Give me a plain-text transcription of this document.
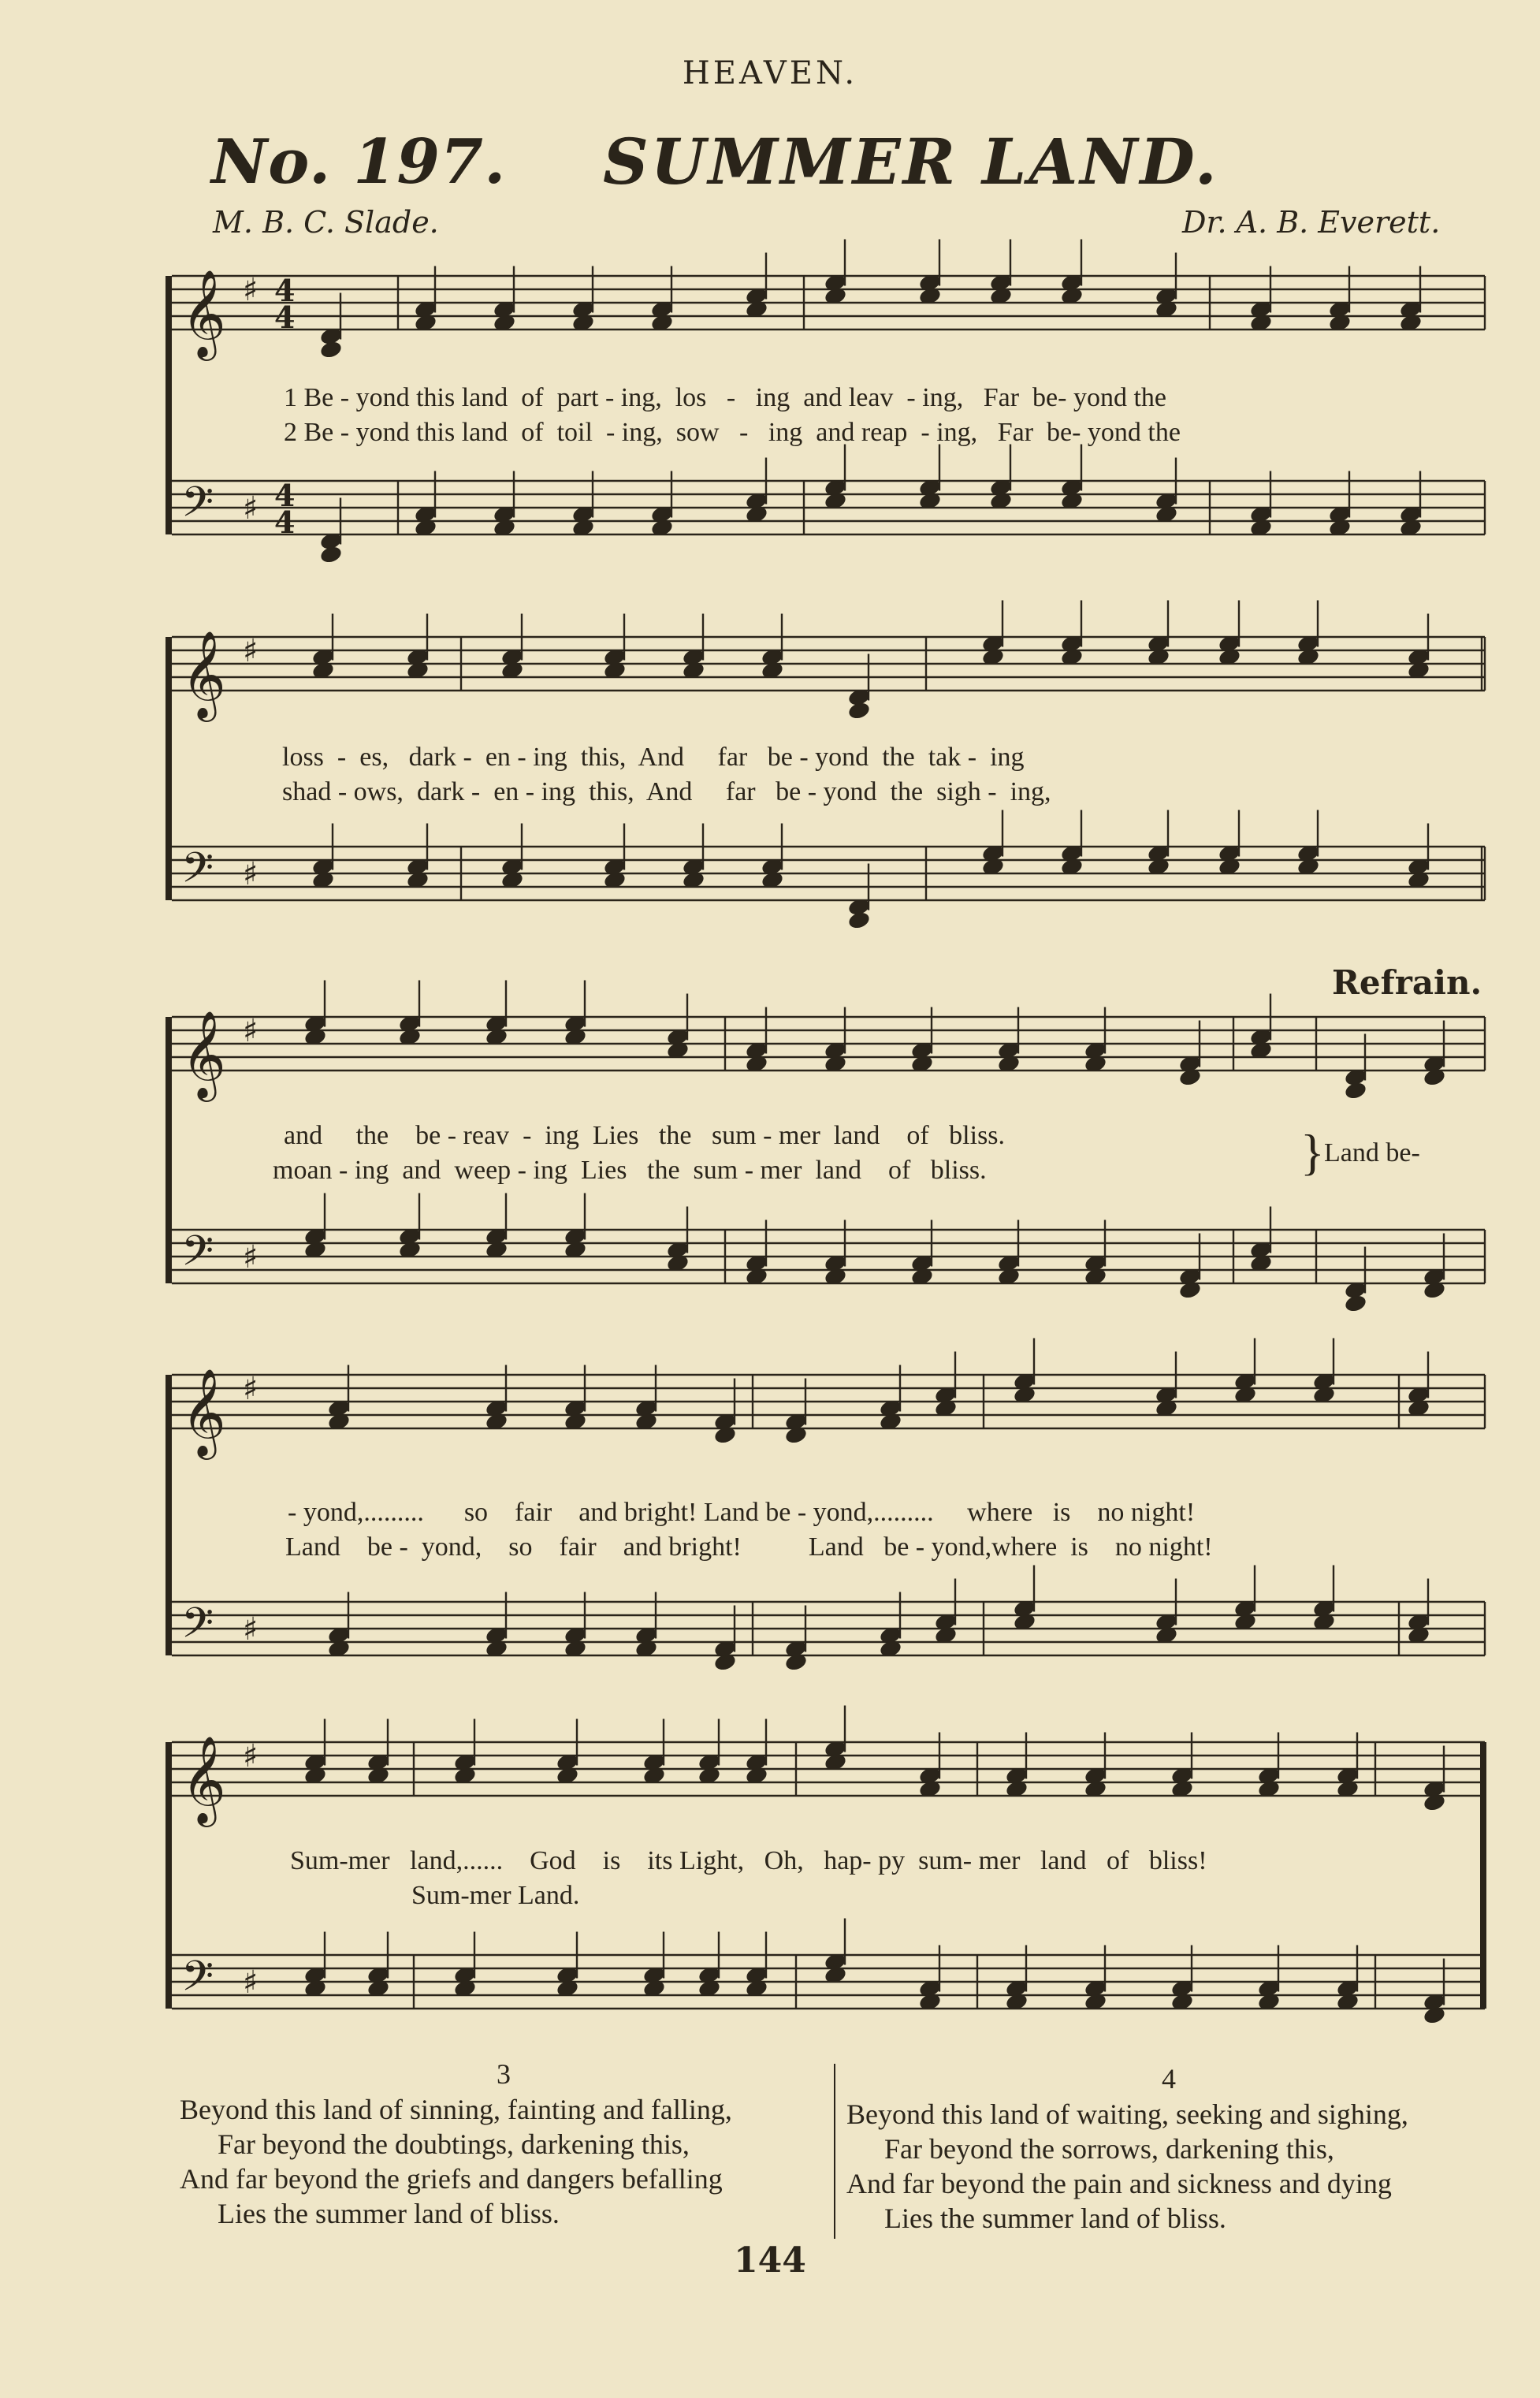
𝄞 ♯ 4
4
𝄢 ♯ 4
4
𝄞 ♯
𝄢 ♯
𝄞 ♯
𝄢 ♯
𝄞 ♯
𝄢 ♯
𝄞 ♯
𝄢 ♯
HEAVEN.
No. 197. SUMMER LAND.
M. B. C. Slade.	Dr. A. B. Everett.
Refrain.
1 Be - yond this land of part - ing, los - ing and leav - ing, Far be- yond the
2 Be - yond this land of toil - ing, sow - ing and reap - ing, Far be- yond the
loss - es, dark - en - ing this, And far be - yond the tak - ing
shad - ows, dark - en - ing this, And far be - yond the sigh - ing,
and the be - reav - ing Lies the sum - mer land of bliss.
moan - ing and weep - ing Lies the sum - mer land of bliss.	} Land be-
- yond,......... so fair and bright! Land be - yond,......... where is no night!
Land be - yond, so fair and bright!	Land be - yond,where is no night!
Sum-mer land,...... God is its Light, Oh, hap- py sum- mer land of bliss!
Sum-mer Land.
3
Beyond this land of sinning, fainting and falling,
Far beyond the doubtings, darkening this,
And far beyond the griefs and dangers befalling
Lies the summer land of bliss.
4
Beyond this land of waiting, seeking and sighing,
Far beyond the sorrows, darkening this,
And far beyond the pain and sickness and dying
Lies the summer land of bliss.
144
